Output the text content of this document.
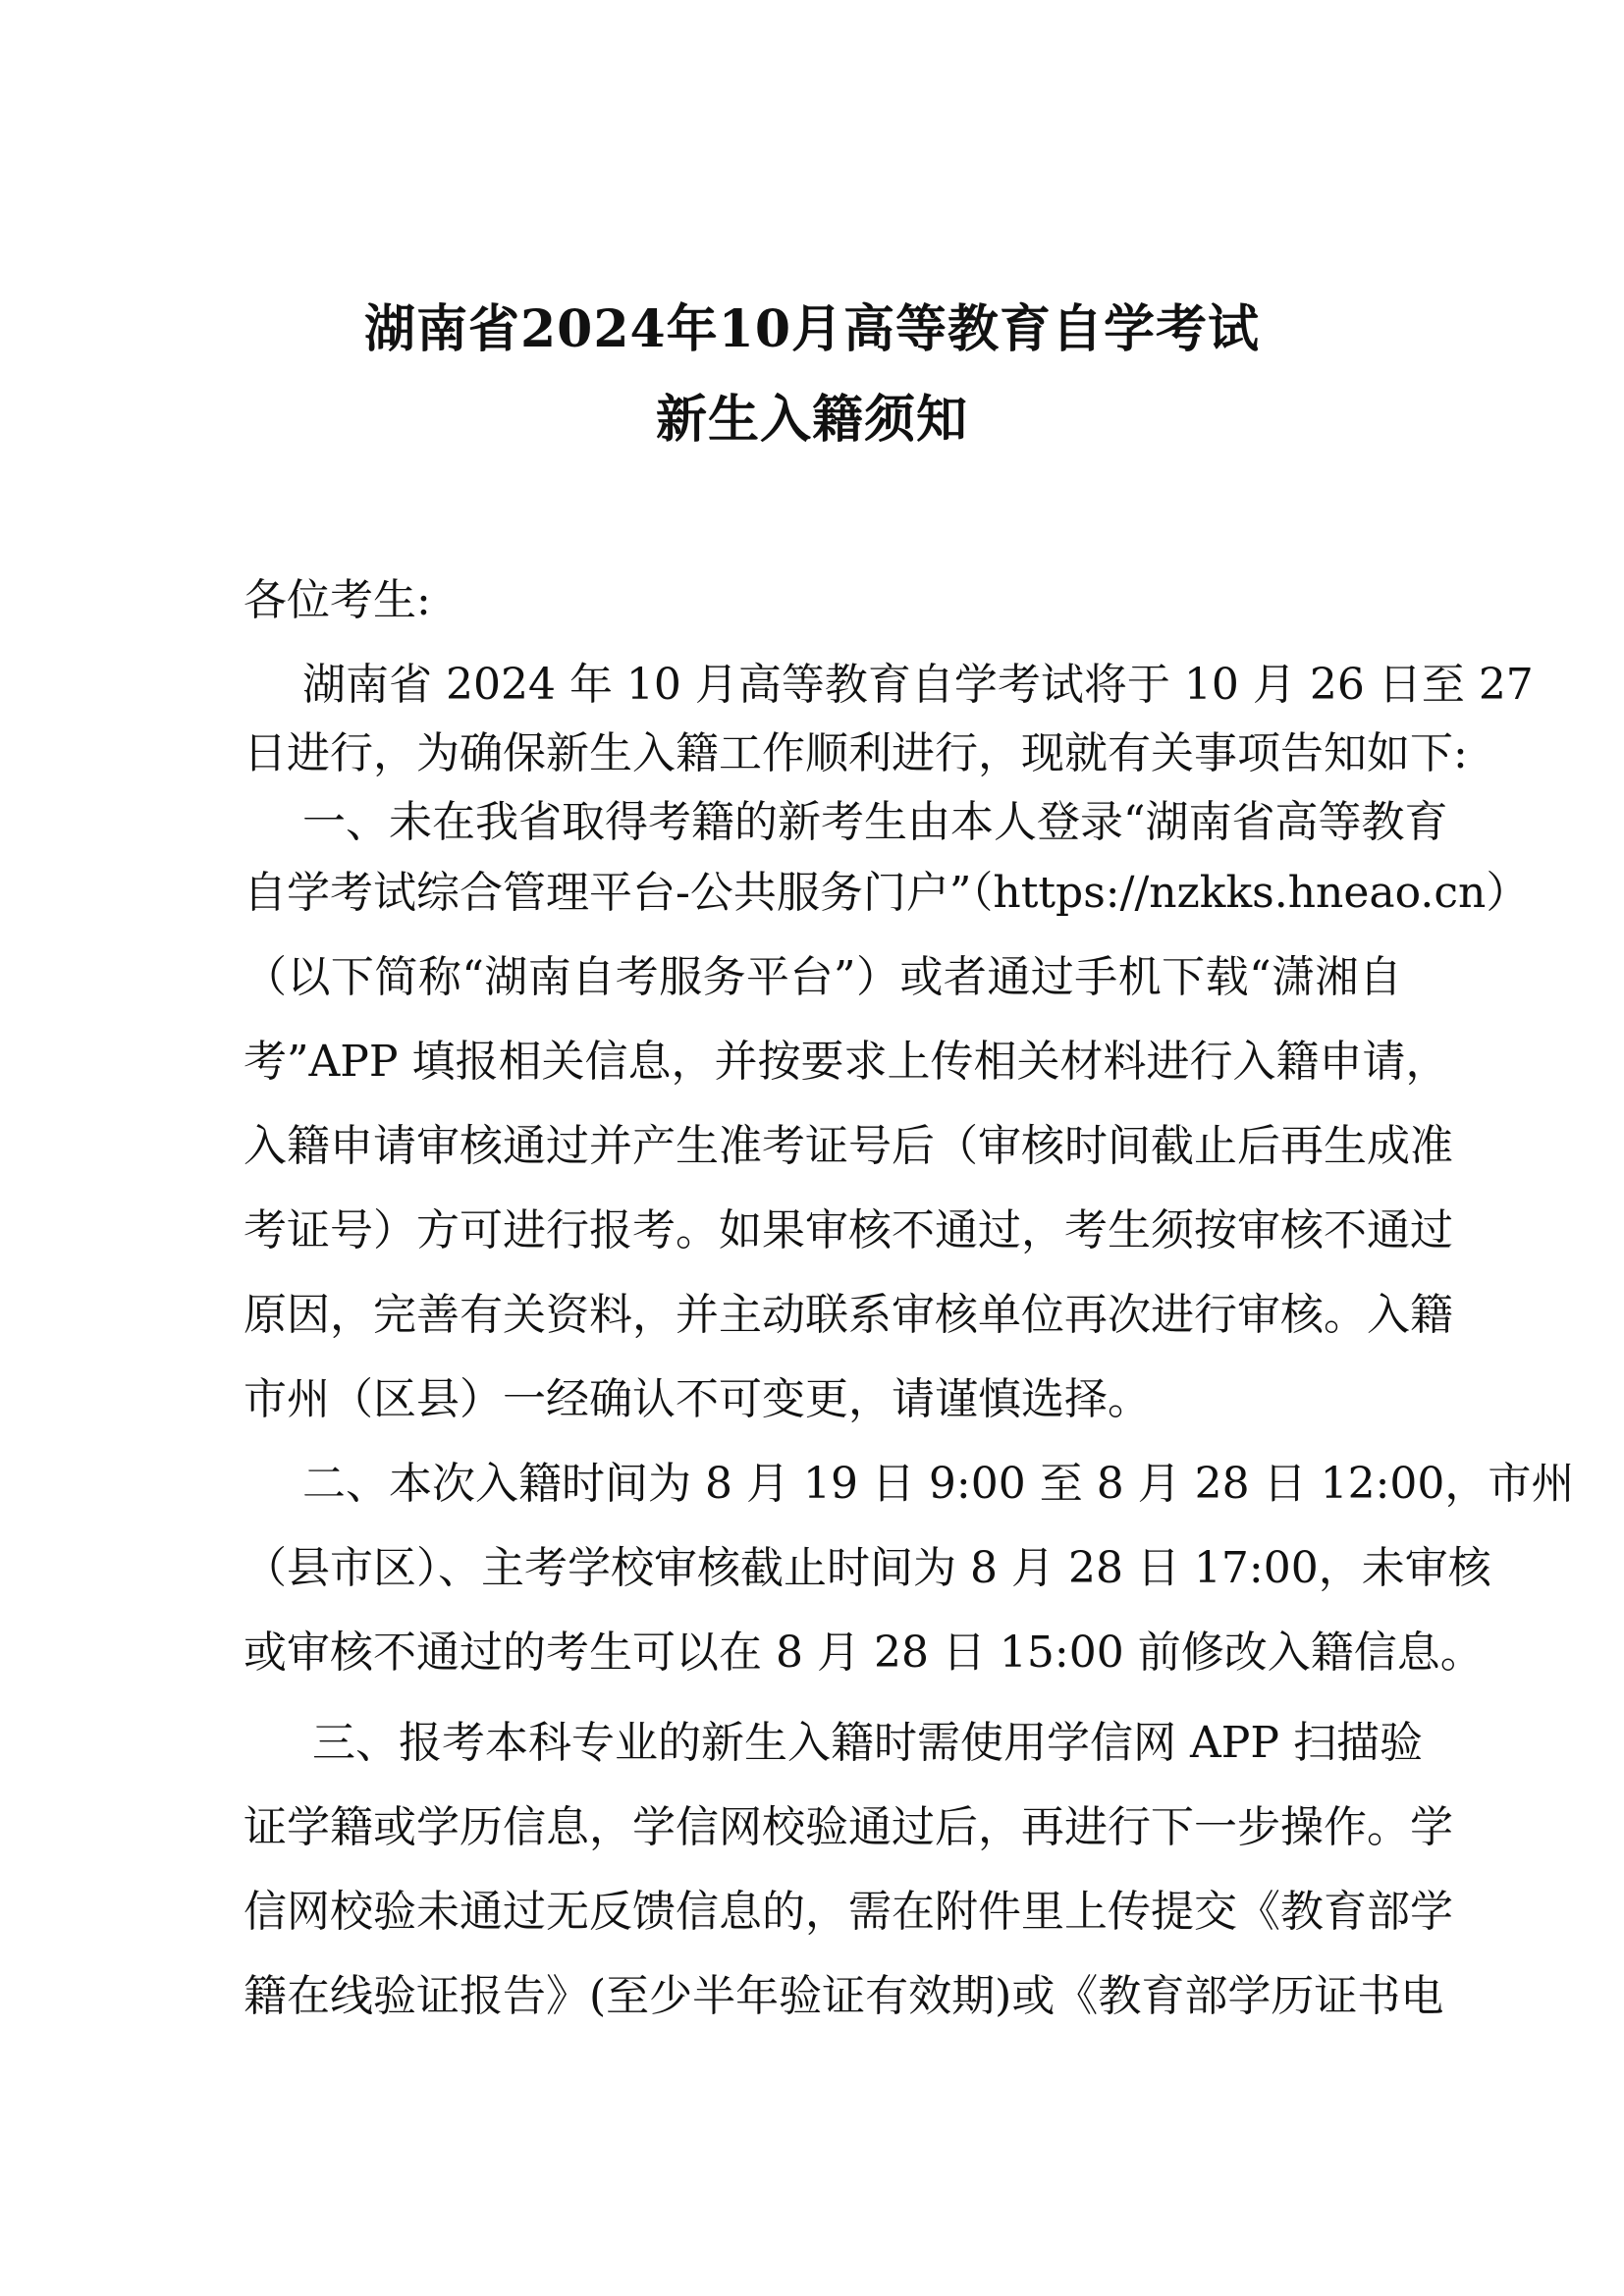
湖南省2024年10月高等教育自学考试
新生入籍须知
各位考生:
湖南省 2024 年 10 月高等教育自学考试将于 10 月 26 日至 27
日进行，为确保新生入籍工作顺利进行，现就有关事项告知如下:
一、未在我省取得考籍的新考生由本人登录“湖南省高等教育
自学考试综合管理平台-公共服务门户”（https://nzkks.hneao.cn）
（以下简称“湖南自考服务平台”）或者通过手机下载“潇湘自
考”APP 填报相关信息，并按要求上传相关材料进行入籍申请，
入籍申请审核通过并产生准考证号后（审核时间截止后再生成准
考证号）方可进行报考。如果审核不通过，考生须按审核不通过
原因，完善有关资料，并主动联系审核单位再次进行审核。入籍
市州（区县）一经确认不可变更，请谨慎选择。
二、本次入籍时间为 8 月 19 日 9:00 至 8 月 28 日 12:00，市州
（县市区）、主考学校审核截止时间为 8 月 28 日 17:00，未审核
或审核不通过的考生可以在 8 月 28 日 15:00 前修改入籍信息。
三、报考本科专业的新生入籍时需使用学信网 APP 扫描验
证学籍或学历信息，学信网校验通过后，再进行下一步操作。学
信网校验未通过无反馈信息的，需在附件里上传提交《教育部学
籍在线验证报告》(至少半年验证有效期)或《教育部学历证书电
